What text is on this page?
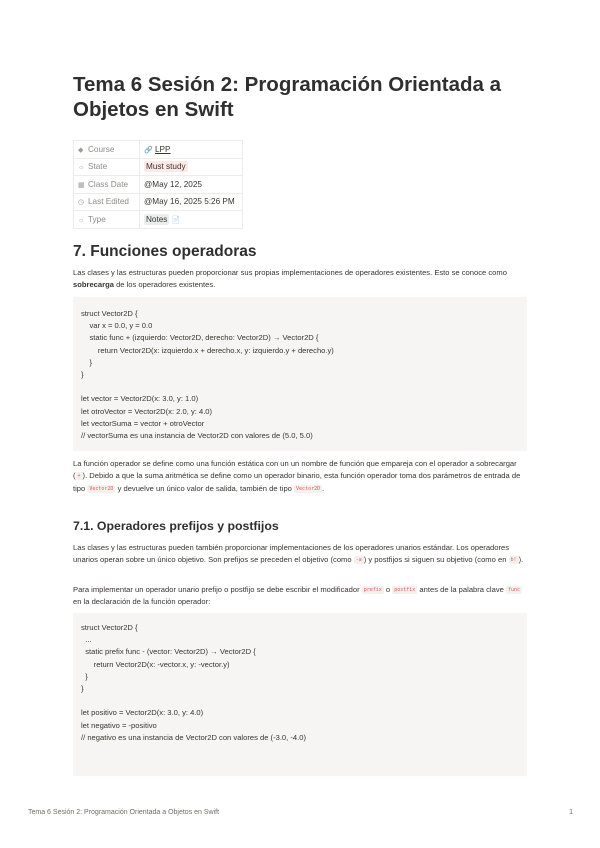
Tema 6 Sesión 2: Programación Orientada a Objetos en Swift
◆ Course	🔗 LPP
☼ State	Must study
▦ Class Date	@May 12, 2025
◷ Last Edited	@May 16, 2025 5:26 PM
☼ Type	Notes 📄
7. Funciones operadoras

Las clases y las estructuras pueden proporcionar sus propias implementaciones de operadores existentes. Esto se conoce como sobrecarga de los operadores existentes.

struct Vector2D {
var x = 0.0, y = 0.0
static func + (izquierdo: Vector2D, derecho: Vector2D) → Vector2D {
return Vector2D(x: izquierdo.x + derecho.x, y: izquierdo.y + derecho.y)
}
}
let vector = Vector2D(x: 3.0, y: 1.0)
let otroVector = Vector2D(x: 2.0, y: 4.0)
let vectorSuma = vector + otroVector
// vectorSuma es una instancia de Vector2D con valores de (5.0, 5.0)

La función operador se define como una función estática con un un nombre de función que empareja con el operador a sobrecargar ( + ). Debido a que la suma aritmética se define como un operador binario, esta función operador toma dos parámetros de entrada de tipo Vector2D y devuelve un único valor de salida, también de tipo Vector2D .

7.1. Operadores prefijos y postfijos

Las clases y las estructuras pueden también proporcionar implementaciones de los operadores unarios estándar. Los operadores unarios operan sobre un único objetivo. Son prefijos se preceden el objetivo (como -a ) y postfijos si siguen su objetivo (como en b! ).

Para implementar un operador unario prefijo o postfijo se debe escribir el modificador prefix o postfix antes de la palabra clave func en la declaración de la función operador:

struct Vector2D {
...
static prefix func - (vector: Vector2D) → Vector2D {
return Vector2D(x: -vector.x, y: -vector.y)
}
}
let positivo = Vector2D(x: 3.0, y: 4.0)
let negativo = -positivo
// negativo es una instancia de Vector2D con valores de (-3.0, -4.0)
Tema 6 Sesión 2: Programación Orientada a Objetos en Swift	1
